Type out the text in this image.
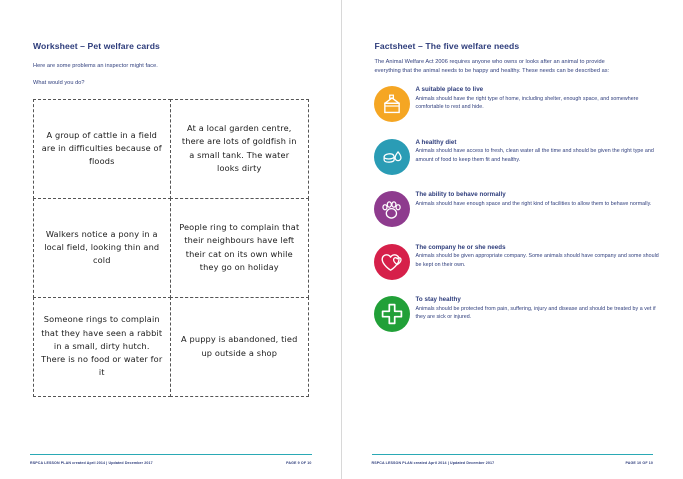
Worksheet – Pet welfare cards
Here are some problems an inspector might face.
What would you do?
A group of cattle in a field are in difficulties because of floods
At a local garden centre, there are lots of goldfish in a small tank. The water looks dirty
Walkers notice a pony in a local field, looking thin and cold
People ring to complain that their neighbours have left their cat on its own while they go on holiday
Someone rings to complain that they have seen a rabbit in a small, dirty hutch. There is no food or water for it
A puppy is abandoned, tied up outside a shop
RSPCA LESSON PLAN created April 2014 | Updated December 2017	PAGE 9 OF 10
Factsheet – The five welfare needs
The Animal Welfare Act 2006 requires anyone who owns or looks after an animal to provide
everything that the animal needs to be happy and healthy. These needs can be described as:
A suitable place to live
Animals should have the right type of home, including shelter, enough space, and somewhere comfortable to rest and hide.
A healthy diet
Animals should have access to fresh, clean water all the time and should be given the right type and amount of food to keep them fit and healthy.
The ability to behave normally
Animals should have enough space and the right kind of facilities to allow them to behave normally.
The company he or she needs
Animals should be given appropriate company. Some animals should have company and some should be kept on their own.
To stay healthy
Animals should be protected from pain, suffering, injury and disease and should be treated by a vet if they are sick or injured.
RSPCA LESSON PLAN created April 2014 | Updated December 2017	PAGE 10 OF 10
